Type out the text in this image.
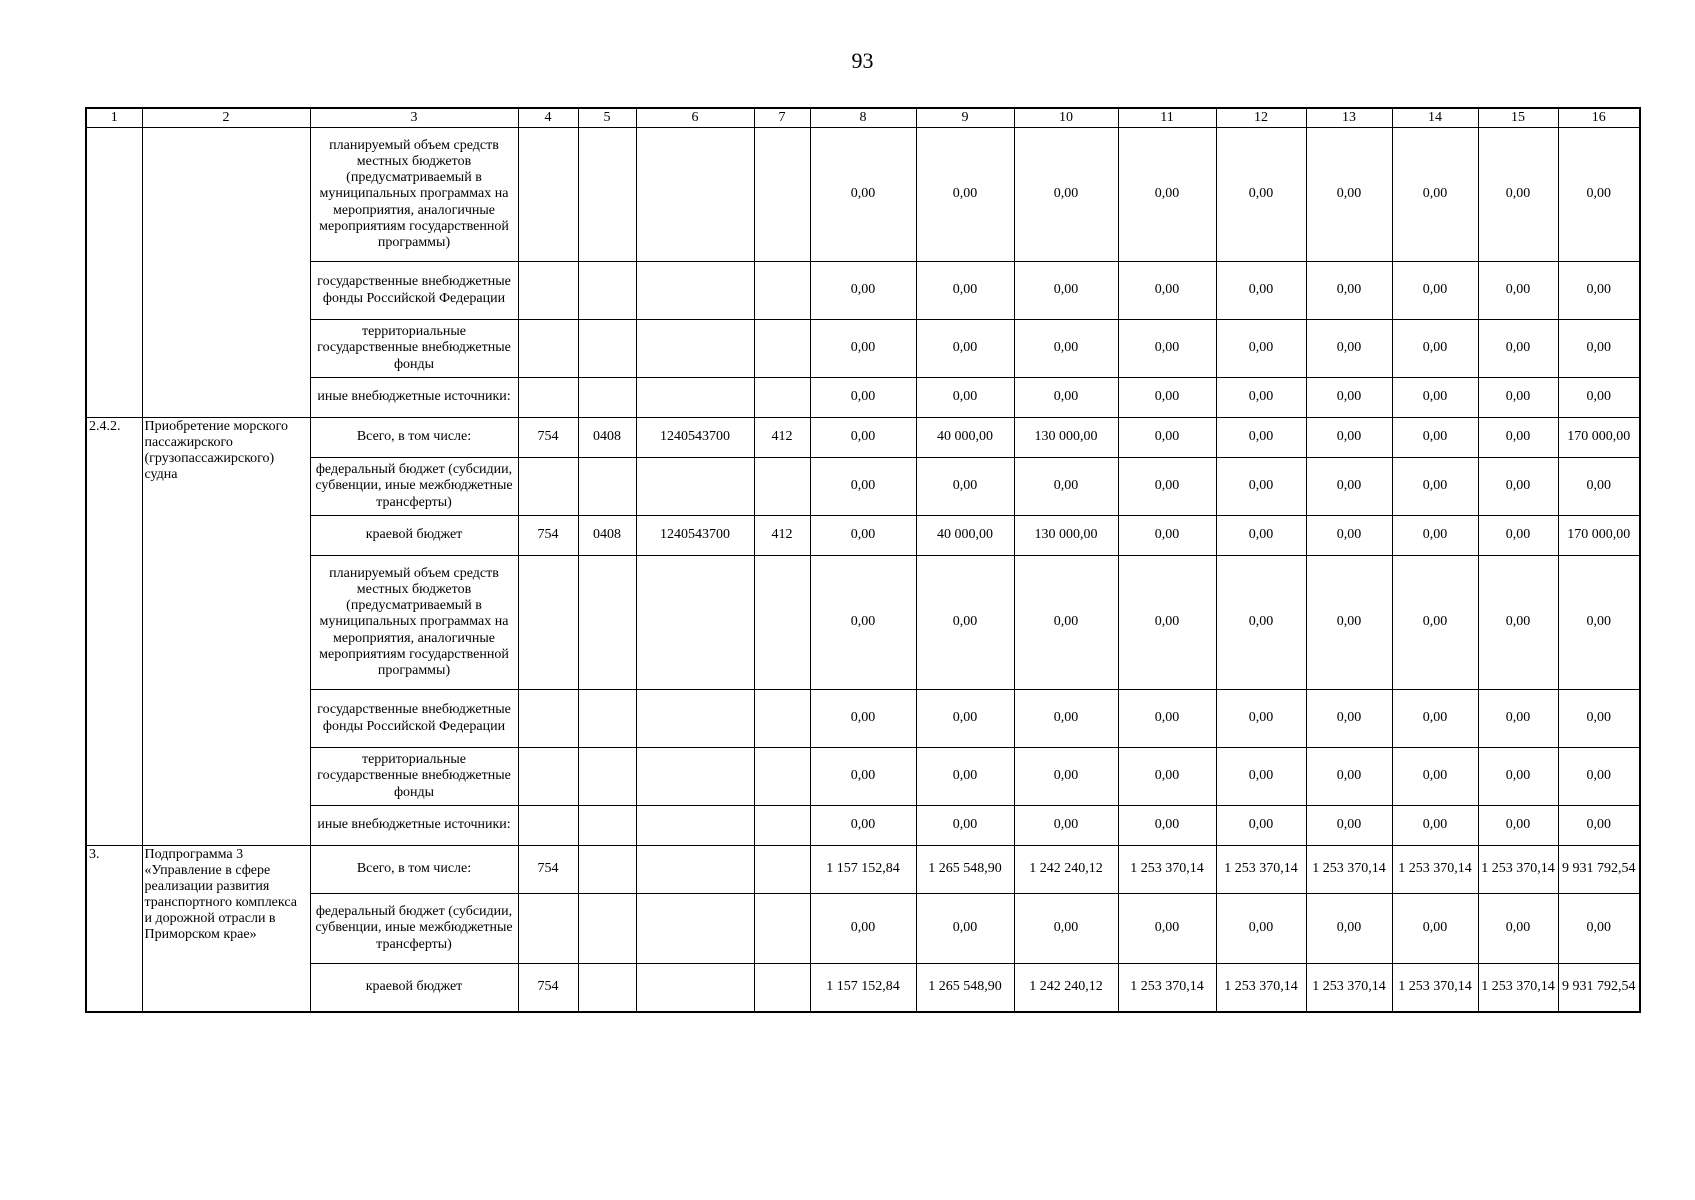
93
1	2	3	4	5	6	7	8	9	10	11	12	13	14	15	16
		планируемый объем средств местных бюджетов (предусматриваемый в муниципальных программах на мероприятия, аналогичные мероприятиям государственной программы)					0,00	0,00	0,00	0,00	0,00	0,00	0,00	0,00	0,00
		государственные внебюджетные фонды Российской Федерации					0,00	0,00	0,00	0,00	0,00	0,00	0,00	0,00	0,00
		территориальные государственные внебюджетные фонды					0,00	0,00	0,00	0,00	0,00	0,00	0,00	0,00	0,00
		иные внебюджетные источники:					0,00	0,00	0,00	0,00	0,00	0,00	0,00	0,00	0,00
2.4.2.	Приобретение морского пассажирского (грузопассажирского) судна	Всего, в том числе:	754	0408	1240543700	412	0,00	40 000,00	130 000,00	0,00	0,00	0,00	0,00	0,00	170 000,00
		федеральный бюджет (субсидии, субвенции, иные межбюджетные трансферты)					0,00	0,00	0,00	0,00	0,00	0,00	0,00	0,00	0,00
		краевой бюджет	754	0408	1240543700	412	0,00	40 000,00	130 000,00	0,00	0,00	0,00	0,00	0,00	170 000,00
		планируемый объем средств местных бюджетов (предусматриваемый в муниципальных программах на мероприятия, аналогичные мероприятиям государственной программы)					0,00	0,00	0,00	0,00	0,00	0,00	0,00	0,00	0,00
		государственные внебюджетные фонды Российской Федерации					0,00	0,00	0,00	0,00	0,00	0,00	0,00	0,00	0,00
		территориальные государственные внебюджетные фонды					0,00	0,00	0,00	0,00	0,00	0,00	0,00	0,00	0,00
		иные внебюджетные источники:					0,00	0,00	0,00	0,00	0,00	0,00	0,00	0,00	0,00
3.	Подпрограмма 3 «Управление в сфере реализации развития транспортного комплекса и дорожной отрасли в Приморском крае»	Всего, в том числе:	754				1 157 152,84	1 265 548,90	1 242 240,12	1 253 370,14	1 253 370,14	1 253 370,14	1 253 370,14	1 253 370,14	9 931 792,54
		федеральный бюджет (субсидии, субвенции, иные межбюджетные трансферты)					0,00	0,00	0,00	0,00	0,00	0,00	0,00	0,00	0,00
		краевой бюджет	754				1 157 152,84	1 265 548,90	1 242 240,12	1 253 370,14	1 253 370,14	1 253 370,14	1 253 370,14	1 253 370,14	9 931 792,54
